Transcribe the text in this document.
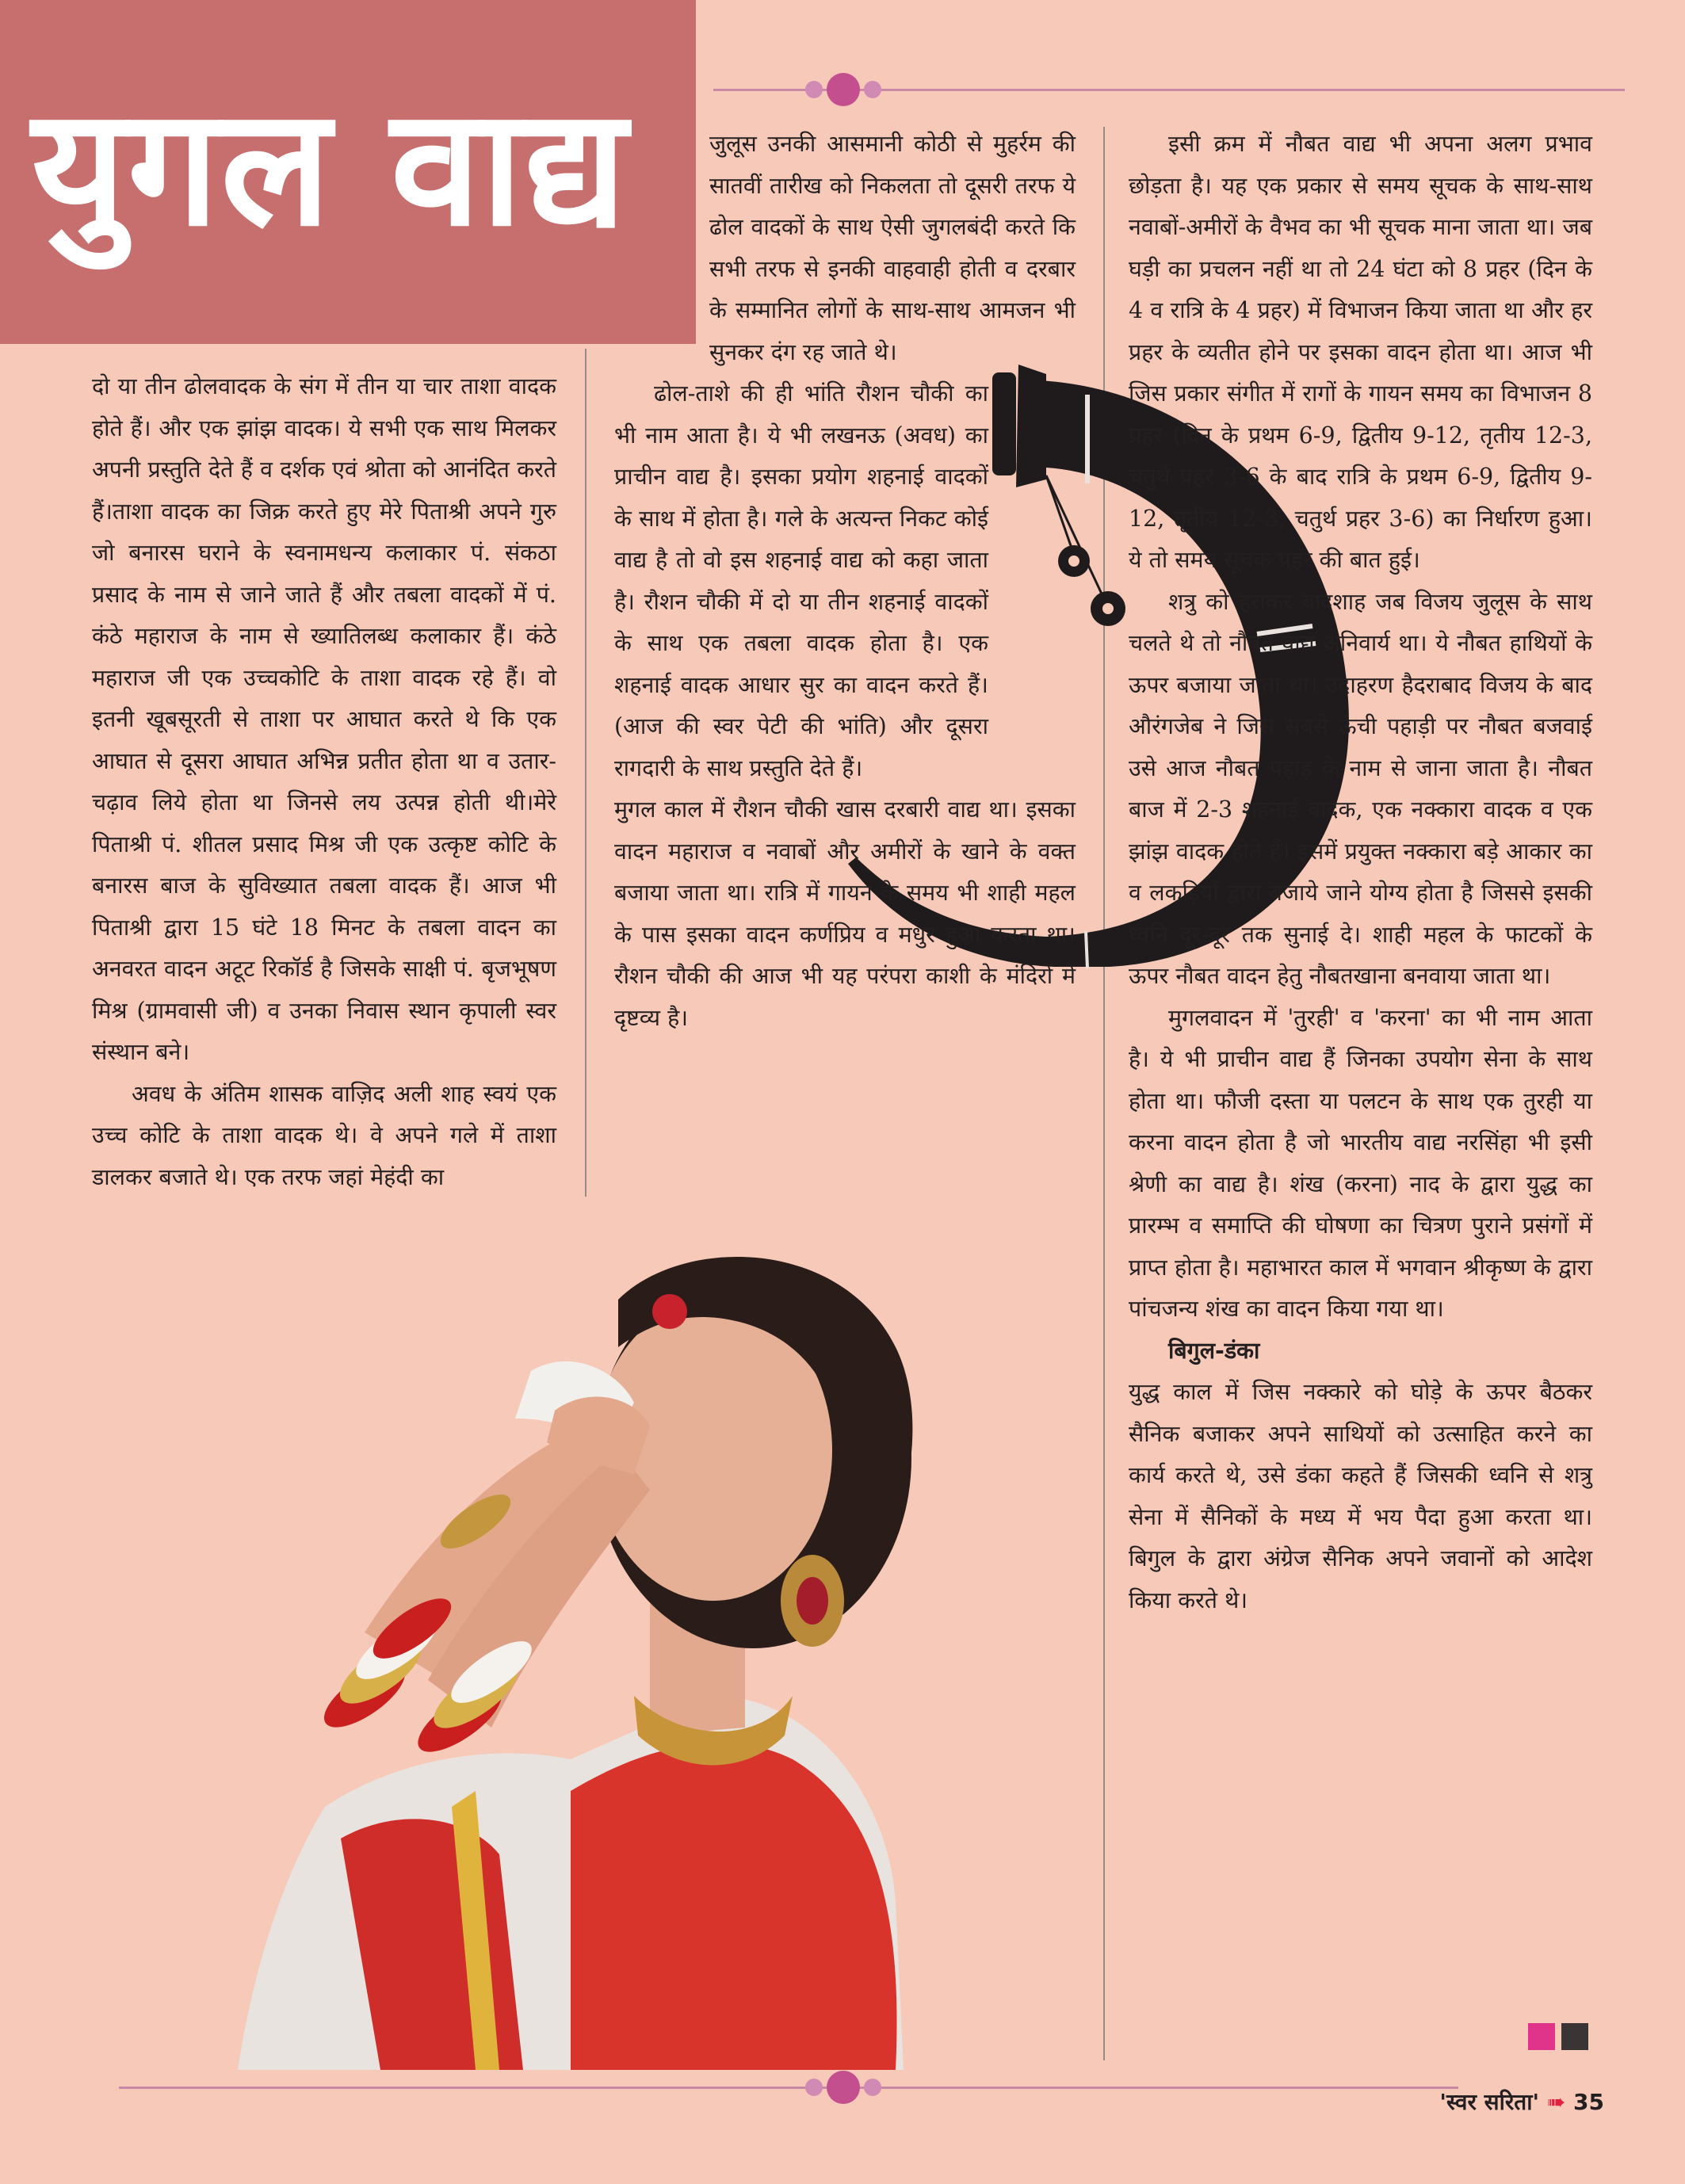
युगल वाद्य

दो या तीन ढोलवादक के संग में तीन या चार ताशा वादक होते हैं। और एक झांझ वादक। ये सभी एक साथ मिलकर अपनी प्रस्तुति देते हैं व दर्शक एवं श्रोता को आनंदित करते हैं।ताशा वादक का जिक्र करते हुए मेरे पिताश्री अपने गुरु जो बनारस घराने के स्वनामधन्य कलाकार पं. संकठा प्रसाद के नाम से जाने जाते हैं और तबला वादकों में पं. कंठे महाराज के नाम से ख्यातिलब्ध कलाकार हैं। कंठे महाराज जी एक उच्चकोटि के ताशा वादक रहे हैं। वो इतनी खूबसूरती से ताशा पर आघात करते थे कि एक आघात से दूसरा आघात अभिन्न प्रतीत होता था व उतार-चढ़ाव लिये होता था जिनसे लय उत्पन्न होती थी।मेरे पिताश्री पं. शीतल प्रसाद मिश्र जी एक उत्कृष्ट कोटि के बनारस बाज के सुविख्यात तबला वादक हैं। आज भी पिताश्री द्वारा 15 घंटे 18 मिनट के तबला वादन का अनवरत वादन अटूट रिकॉर्ड है जिसके साक्षी पं. बृजभूषण मिश्र (ग्रामवासी जी) व उनका निवास स्थान कृपाली स्वर संस्थान बने।

अवध के अंतिम शासक वाज़िद अली शाह स्वयं एक उच्च कोटि के ताशा वादक थे। वे अपने गले में ताशा डालकर बजाते थे। एक तरफ जहां मेहंदी का

जुलूस उनकी आसमानी कोठी से मुहर्रम की सातवीं तारीख को निकलता तो दूसरी तरफ ये ढोल वादकों के साथ ऐसी जुगलबंदी करते कि सभी तरफ से इनकी वाहवाही होती व दरबार के सम्मानित लोगों के साथ-साथ आमजन भी सुनकर दंग रह जाते थे।

ढोल-ताशे की ही भांति रौशन चौकी का भी नाम आता है। ये भी लखनऊ (अवध) का प्राचीन वाद्य है। इसका प्रयोग शहनाई वादकों के साथ में होता है। गले के अत्यन्त निकट कोई वाद्य है तो वो इस शहनाई वाद्य को कहा जाता है। रौशन चौकी में दो या तीन शहनाई वादकों के साथ एक तबला वादक होता है। एक शहनाई वादक आधार सुर का वादन करते हैं। (आज की स्वर पेटी की भांति) और दूसरा रागदारी के साथ प्रस्तुति देते हैं।

मुगल काल में रौशन चौकी खास दरबारी वाद्य था। इसका वादन महाराज व नवाबों और अमीरों के खाने के वक्त बजाया जाता था। रात्रि में गायन के समय भी शाही महल के पास इसका वादन कर्णप्रिय व मधुर हुआ करता था। रौशन चौकी की आज भी यह परंपरा काशी के मंदिरों में दृष्टव्य है।

इसी क्रम में नौबत वाद्य भी अपना अलग प्रभाव छोड़ता है। यह एक प्रकार से समय सूचक के साथ-साथ नवाबों-अमीरों के वैभव का भी सूचक माना जाता था। जब घड़ी का प्रचलन नहीं था तो 24 घंटा को 8 प्रहर (दिन के 4 व रात्रि के 4 प्रहर) में विभाजन किया जाता था और हर प्रहर के व्यतीत होने पर इसका वादन होता था। आज भी जिस प्रकार संगीत में रागों के गायन समय का विभाजन 8 प्रहर (दिन के प्रथम 6-9, द्वितीय 9-12, तृतीय 12-3, चतुर्थ प्रहर 3-6 के बाद रात्रि के प्रथम 6-9, द्वितीय 9-12, तृतीय 12-3, चतुर्थ प्रहर 3-6) का निर्धारण हुआ। ये तो समय सूचक प्रहर की बात हुई।

शत्रु को हराकर बादशाह जब विजय जुलूस के साथ चलते थे तो नौबत वाद्य अनिवार्य था। ये नौबत हाथियों के ऊपर बजाया जाता था। उदाहरण हैदराबाद विजय के बाद औरंगजेब ने जिस सबसे ऊंची पहाड़ी पर नौबत बजवाई उसे आज नौबत पहाड़ के नाम से जाना जाता है। नौबत बाज में 2-3 शहनाई वादक, एक नक्कारा वादक व एक झांझ वादक होते हैं। इसमें प्रयुक्त नक्कारा बड़े आकार का व लकड़ियों द्वारा बजाये जाने योग्य होता है जिससे इसकी ध्वनि दूर-दूर तक सुनाई दे। शाही महल के फाटकों के ऊपर नौबत वादन हेतु नौबतखाना बनवाया जाता था।

मुगलवादन में 'तुरही' व 'करना' का भी नाम आता है। ये भी प्राचीन वाद्य हैं जिनका उपयोग सेना के साथ होता था। फौजी दस्ता या पलटन के साथ एक तुरही या करना वादन होता है जो भारतीय वाद्य नरसिंहा भी इसी श्रेणी का वाद्य है। शंख (करना) नाद के द्वारा युद्ध का प्रारम्भ व समाप्ति की घोषणा का चित्रण पुराने प्रसंगों में प्राप्त होता है। महाभारत काल में भगवान श्रीकृष्ण के द्वारा पांचजन्य शंख का वादन किया गया था।

बिगुल-डंका

युद्ध काल में जिस नक्कारे को घोड़े के ऊपर बैठकर सैनिक बजाकर अपने साथियों को उत्साहित करने का कार्य करते थे, उसे डंका कहते हैं जिसकी ध्वनि से शत्रु सेना में सैनिकों के मध्य में भय पैदा हुआ करता था। बिगुल के द्वारा अंग्रेज सैनिक अपने जवानों को आदेश किया करते थे।

'स्वर सरिता' ➠ 35
